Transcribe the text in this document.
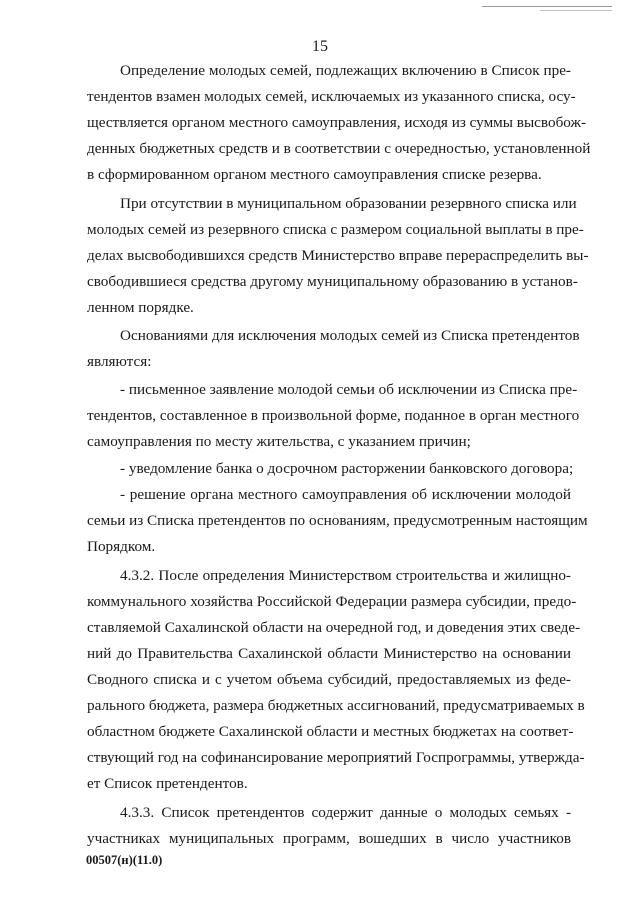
15
Определение молодых семей, подлежащих включению в Список пре-
тендентов взамен молодых семей, исключаемых из указанного списка, осу-
ществляется органом местного самоуправления, исходя из суммы высвобож-
денных бюджетных средств и в соответствии с очередностью, установленной
в сформированном органом местного самоуправления списке резерва.
При отсутствии в муниципальном образовании резервного списка или
молодых семей из резервного списка с размером социальной выплаты в пре-
делах высвободившихся средств Министерство вправе перераспределить вы-
свободившиеся средства другому муниципальному образованию в установ-
ленном порядке.
Основаниями для исключения молодых семей из Списка претендентов
являются:
- письменное заявление молодой семьи об исключении из Списка пре-
тендентов, составленное в произвольной форме, поданное в орган местного
самоуправления по месту жительства, с указанием причин;
- уведомление банка о досрочном расторжении банковского договора;
- решение органа местного самоуправления об исключении молодой
семьи из Списка претендентов по основаниям, предусмотренным настоящим
Порядком.
4.3.2. После определения Министерством строительства и жилищно-
коммунального хозяйства Российской Федерации размера субсидии, предо-
ставляемой Сахалинской области на очередной год, и доведения этих сведе-
ний до Правительства Сахалинской области Министерство на основании
Сводного списка и с учетом объема субсидий, предоставляемых из феде-
рального бюджета, размера бюджетных ассигнований, предусматриваемых в
областном бюджете Сахалинской области и местных бюджетах на соответ-
ствующий год на софинансирование мероприятий Госпрограммы, утвержда-
ет Список претендентов.
4.3.3. Список претендентов содержит данные о молодых семьях -
участниках муниципальных программ, вошедших в число участников
00507(н)(11.0)
